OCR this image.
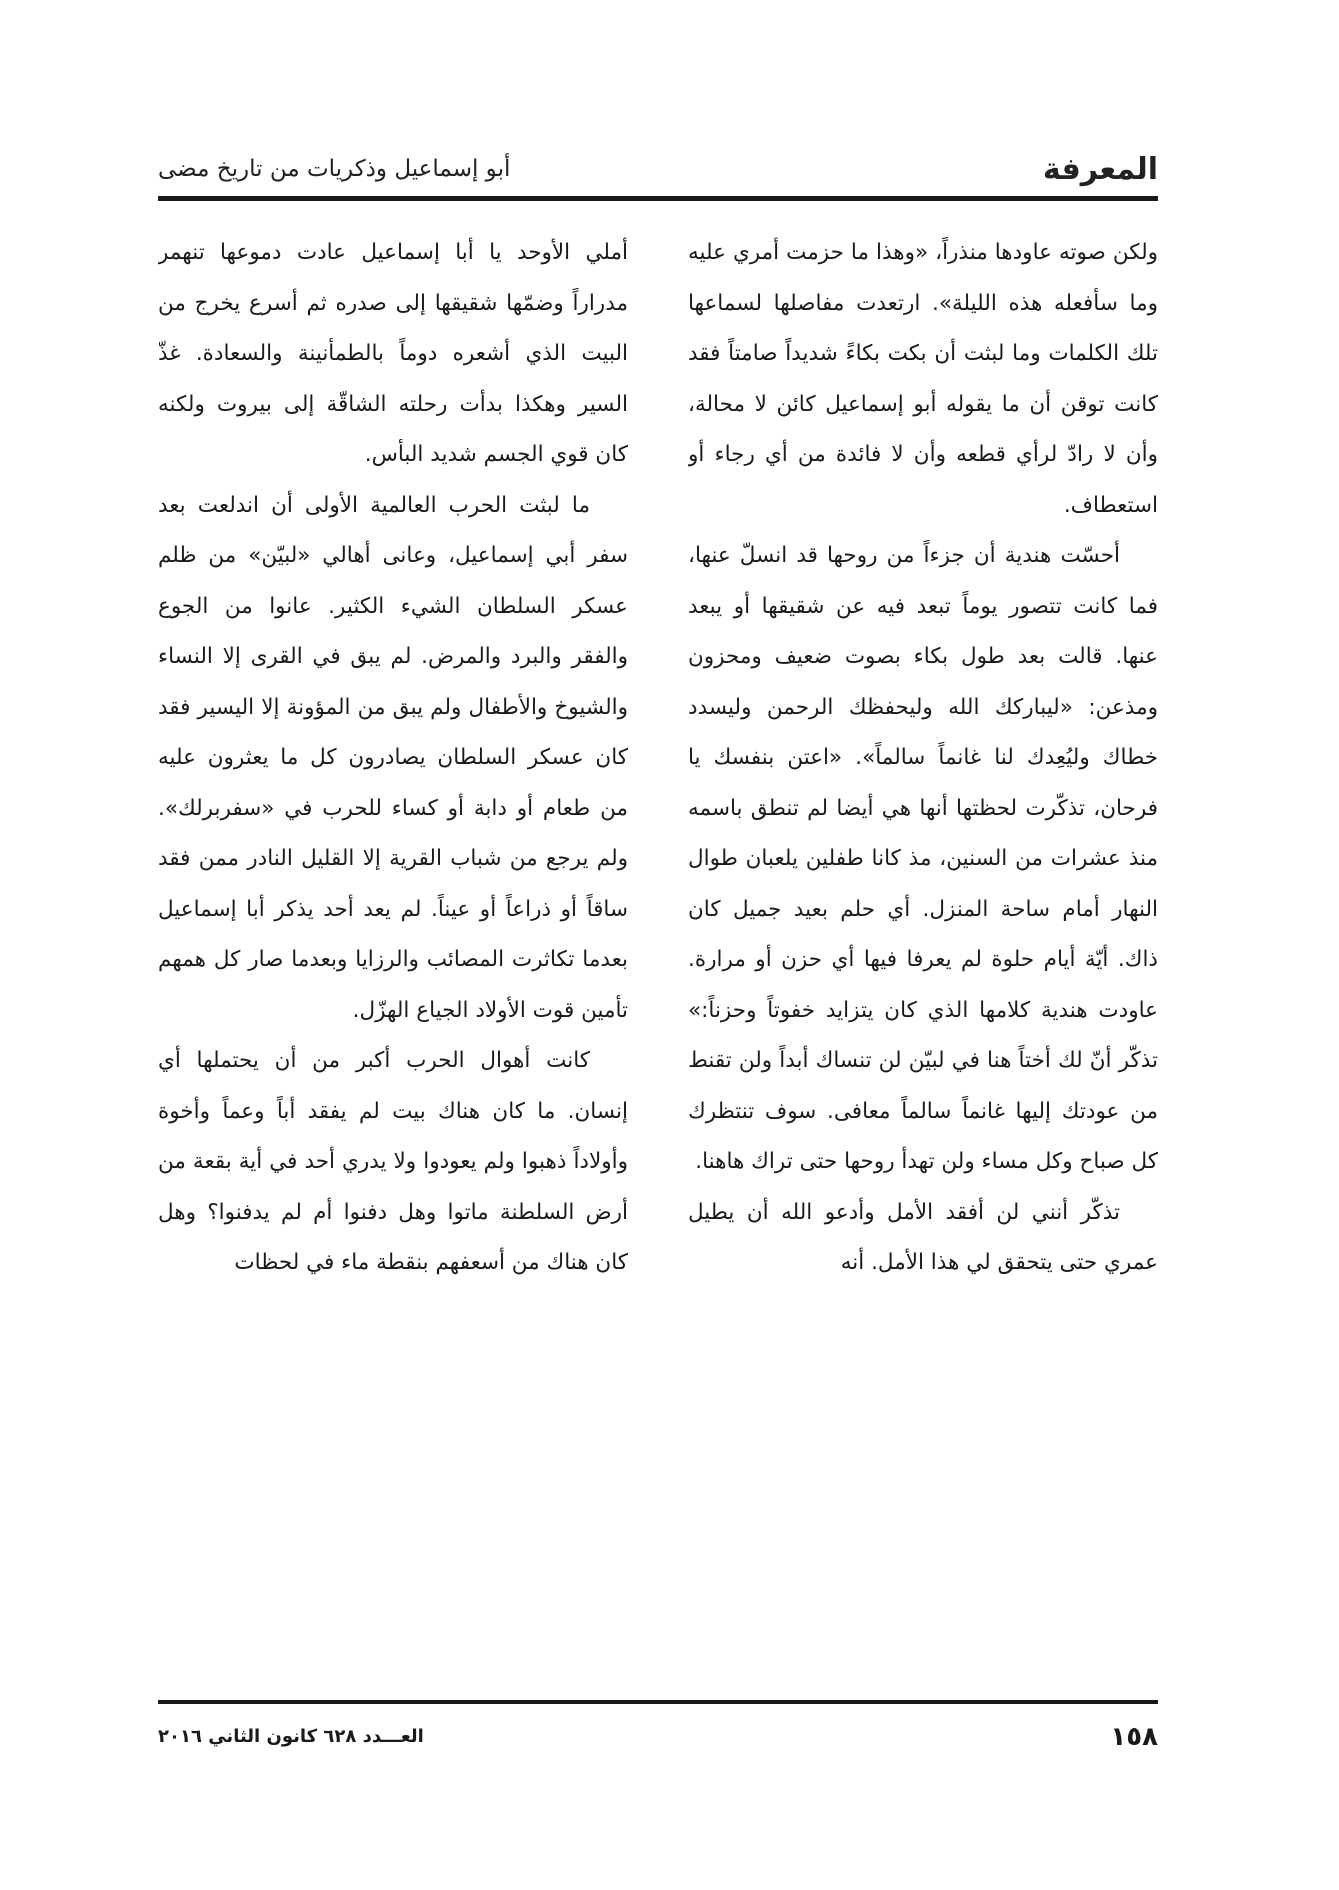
المعرفة
أبو إسماعيل وذكريات من تاريخ مضى

ولكن صوته عاودها منذراً، «وهذا ما حزمت أمري عليه وما سأفعله هذه الليلة». ارتعدت مفاصلها لسماعها تلك الكلمات وما لبثت أن بكت بكاءً شديداً صامتاً فقد كانت توقن أن ما يقوله أبو إسماعيل كائن لا محالة، وأن لا رادّ لرأي قطعه وأن لا فائدة من أي رجاء أو استعطاف.

أحسّت هندية أن جزءاً من روحها قد انسلّ عنها، فما كانت تتصور يوماً تبعد فيه عن شقيقها أو يبعد عنها. قالت بعد طول بكاء بصوت ضعيف ومحزون ومذعن: «ليباركك الله وليحفظك الرحمن وليسدد خطاك وليُعِدك لنا غانماً سالماً». «اعتن بنفسك يا فرحان، تذكّرت لحظتها أنها هي أيضا لم تنطق باسمه منذ عشرات من السنين، مذ كانا طفلين يلعبان طوال النهار أمام ساحة المنزل. أي حلم بعيد جميل كان ذاك. أيّة أيام حلوة لم يعرفا فيها أي حزن أو مرارة. عاودت هندية كلامها الذي كان يتزايد خفوتاً وحزناً:» تذكّر أنّ لك أختاً هنا في لبيّن لن تنساك أبداً ولن تقنط من عودتك إليها غانماً سالماً معافى. سوف تنتظرك كل صباح وكل مساء ولن تهدأ روحها حتى تراك هاهنا.

تذكّر أنني لن أفقد الأمل وأدعو الله أن يطيل عمري حتى يتحقق لي هذا الأمل. أنه

أملي الأوحد يا أبا إسماعيل عادت دموعها تنهمر مدراراً وضمّها شقيقها إلى صدره ثم أسرع يخرج من البيت الذي أشعره دوماً بالطمأنينة والسعادة. غذّ السير وهكذا بدأت رحلته الشاقّة إلى بيروت ولكنه كان قوي الجسم شديد البأس.

ما لبثت الحرب العالمية الأولى أن اندلعت بعد سفر أبي إسماعيل، وعانى أهالي «لبيّن» من ظلم عسكر السلطان الشيء الكثير. عانوا من الجوع والفقر والبرد والمرض. لم يبق في القرى إلا النساء والشيوخ والأطفال ولم يبق من المؤونة إلا اليسير فقد كان عسكر السلطان يصادرون كل ما يعثرون عليه من طعام أو دابة أو كساء للحرب في «سفربرلك». ولم يرجع من شباب القرية إلا القليل النادر ممن فقد ساقاً أو ذراعاً أو عيناً. لم يعد أحد يذكر أبا إسماعيل بعدما تكاثرت المصائب والرزايا وبعدما صار كل همهم تأمين قوت الأولاد الجياع الهزّل.

كانت أهوال الحرب أكبر من أن يحتملها أي إنسان. ما كان هناك بيت لم يفقد أباً وعماً وأخوة وأولاداً ذهبوا ولم يعودوا ولا يدري أحد في أية بقعة من أرض السلطنة ماتوا وهل دفنوا أم لم يدفنوا؟ وهل كان هناك من أسعفهم بنقطة ماء في لحظات

١٥٨
العـــدد ٦٢٨ كانون الثاني ٢٠١٦
